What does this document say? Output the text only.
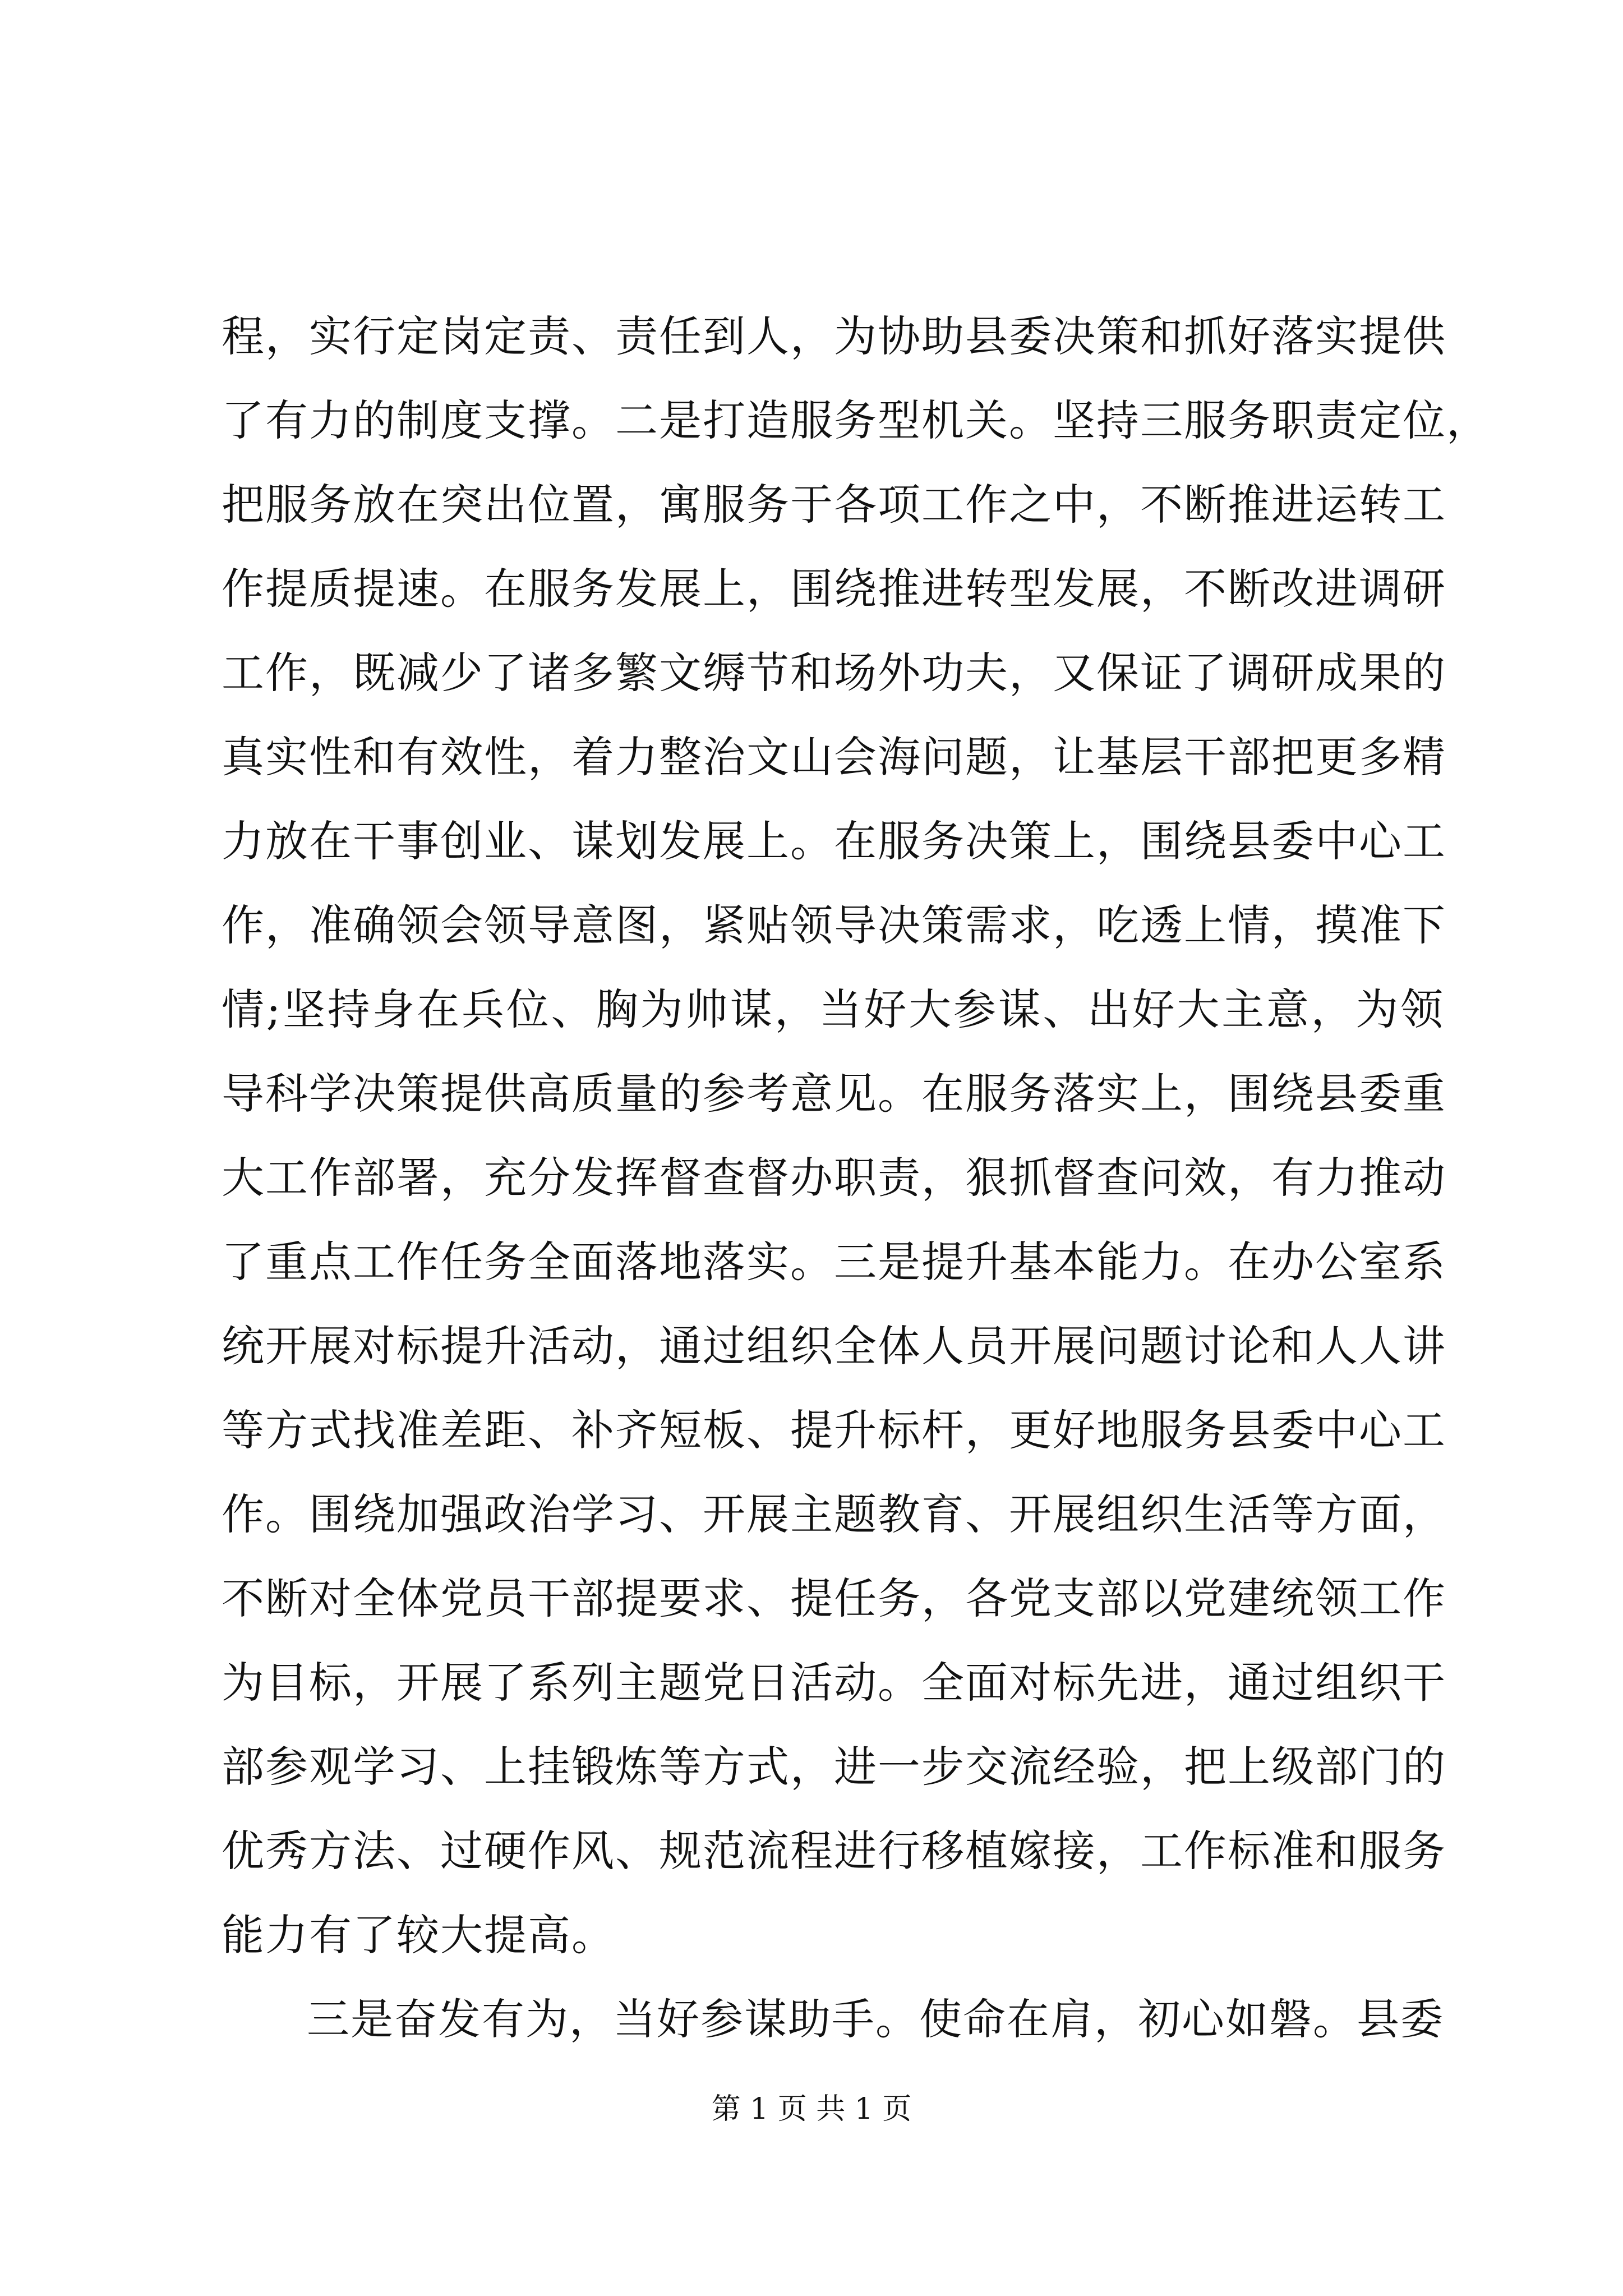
程，实行定岗定责、责任到人，为协助县委决策和抓好落实提供
了有力的制度支撑。二是打造服务型机关。坚持三服务职责定位，
把服务放在突出位置，寓服务于各项工作之中，不断推进运转工
作提质提速。在服务发展上，围绕推进转型发展，不断改进调研
工作，既减少了诸多繁文缛节和场外功夫，又保证了调研成果的
真实性和有效性，着力整治文山会海问题，让基层干部把更多精
力放在干事创业、谋划发展上。在服务决策上，围绕县委中心工
作，准确领会领导意图，紧贴领导决策需求，吃透上情，摸准下
情;坚持身在兵位、胸为帅谋，当好大参谋、出好大主意，为领
导科学决策提供高质量的参考意见。在服务落实上，围绕县委重
大工作部署，充分发挥督查督办职责，狠抓督查问效，有力推动
了重点工作任务全面落地落实。三是提升基本能力。在办公室系
统开展对标提升活动，通过组织全体人员开展问题讨论和人人讲
等方式找准差距、补齐短板、提升标杆，更好地服务县委中心工
作。围绕加强政治学习、开展主题教育、开展组织生活等方面，
不断对全体党员干部提要求、提任务，各党支部以党建统领工作
为目标，开展了系列主题党日活动。全面对标先进，通过组织干
部参观学习、上挂锻炼等方式，进一步交流经验，把上级部门的
优秀方法、过硬作风、规范流程进行移植嫁接，工作标准和服务
能力有了较大提高。
三是奋发有为，当好参谋助手。使命在肩，初心如磐。县委
第 1 页 共 1 页
